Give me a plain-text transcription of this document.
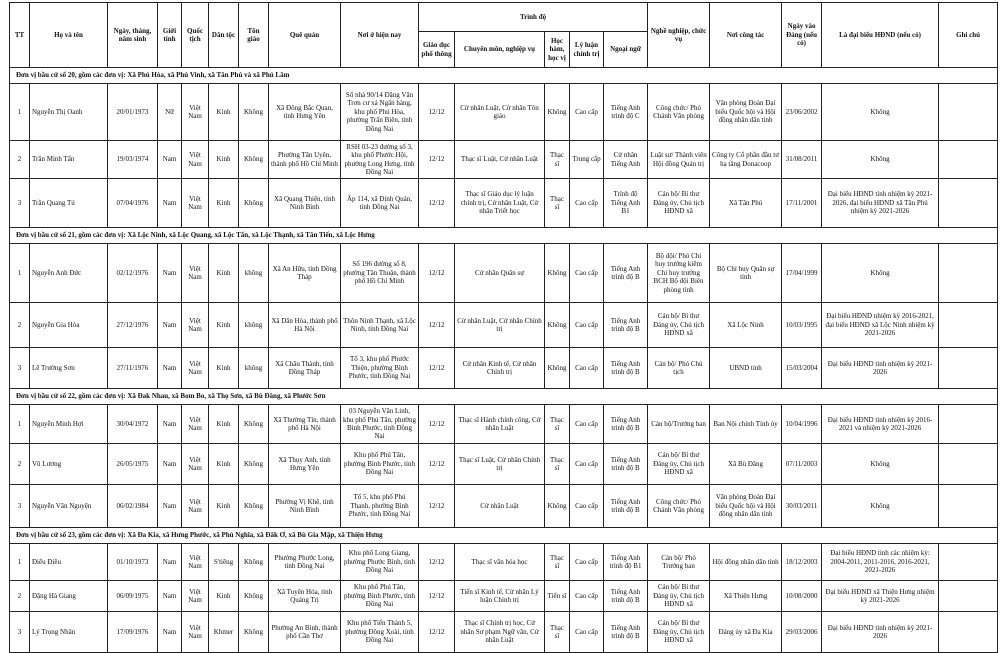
TT	Họ và tên	Ngày, tháng, năm sinh	Giới tính	Quốc tịch	Dân tộc	Tôn giáo	Quê quán	Nơi ở hiện nay	Trình độ					Nghề nghiệp, chức vụ	Nơi công tác	Ngày vào Đảng (nếu có)	Là đại biểu HĐND (nếu có)	Ghi chú
									Giáo dục phổ thông	Chuyên môn, nghiệp vụ	Học hàm, học vị	Lý luận chính trị	Ngoại ngữ					
Đơn vị bầu cử số 20, gồm các đơn vị: Xã Phú Hòa, xã Phú Vinh, xã Tân Phú và xã Phú Lâm																		
1	Nguyễn Thị Oanh	20/01/1973	Nữ	Việt Nam	Kinh	Không	Xã Đông Bắc Quan, tỉnh Hưng Yên	Số nhà 90/14 Đặng Văn Trơn cư xá Ngân hàng, khu phố Phú Hòa, phường Trấn Biên, tỉnh Đồng Nai	12/12	Cử nhân Luật, Cử nhân Tôn giáo	Không	Cao cấp	Tiếng Anh trình độ C	Công chức/ Phó Chánh Văn phòng	Văn phòng Đoàn Đại biểu Quốc hội và Hội đồng nhân dân tỉnh	23/06/2002	Không	
2	Trần Minh Tấn	19/03/1974	Nam	Việt Nam	Kinh	Không	Phường Tân Uyên, thành phố Hồ Chí Minh	RSH 03-23 đường số 3, khu phố Phước Hội, phường Long Hưng, tỉnh Đồng Nai	12/12	Thạc sĩ Luật, Cử nhân Luật	Thạc sĩ	Trung cấp	Cử nhân Tiếng Anh	Luật sư/ Thành viên Hội đồng Quản trị	Công ty Cổ phần đầu tư hạ tầng Donacoop	31/08/2011	Không	
3	Trần Quang Tú	07/04/1976	Nam	Việt Nam	Kinh	Không	Xã Quang Thiện, tỉnh Ninh Bình	Ấp 114, xã Định Quán, tỉnh Đồng Nai	12/12	Thạc sĩ Giáo dục lý luận chính trị, Cử nhân Luật, Cử nhân Triết học	Thạc sĩ	Cao cấp	Trình độ Tiếng Anh B1	Cán bộ/ Bí thư Đảng ủy, Chủ tịch HĐND xã	Xã Tân Phú	17/11/2001	Đại biểu HĐND tỉnh nhiệm kỳ 2021-2026, đại biểu HĐND xã Tân Phú nhiệm kỳ 2021-2026	
Đơn vị bầu cử số 21, gồm các đơn vị: Xã Lộc Ninh, xã Lộc Quang, xã Lộc Tấn, xã Lộc Thạnh, xã Tân Tiến, xã Lộc Hưng																		
1	Nguyễn Anh Đức	02/12/1976	Nam	Việt Nam	Kinh	không	Xã An Hữu, tỉnh Đồng Tháp	Số 196 đường số 8, phường Tân Thuận, thành phố Hồ Chí Minh	12/12	Cử nhân Quân sự	Không	Cao cấp	Tiếng Anh trình độ B	Bộ đội/ Phó Chỉ huy trưởng kiêm Chỉ huy trưởng BCH Bộ đội Biên phòng tỉnh	Bộ Chỉ huy Quân sự tỉnh	17/04/1999	Không	
2	Nguyễn Gia Hòa	27/12/1976	Nam	Việt Nam	Kinh	không	Xã Dân Hòa, thành phố Hà Nội	Thôn Ninh Thạnh, xã Lộc Ninh, tỉnh Đồng Nai	12/12	Cử nhân Luật, Cử nhân Chính trị	Không	Cao cấp	Tiếng Anh trình độ B	Cán bộ/ Bí thư Đảng ủy, Chủ tịch HĐND xã	Xã Lộc Ninh	10/03/1995	Đại biểu HĐND nhiệm kỳ 2016-2021, đại biểu HĐND xã Lộc Ninh nhiệm kỳ 2021-2026	
3	Lê Trường Sơn	27/11/1976	Nam	Việt Nam	Kinh	không	Xã Châu Thành, tỉnh Đồng Tháp	Tổ 3, khu phố Phước Thiện, phường Bình Phước, tỉnh Đồng Nai	12/12	Cử nhân Kinh tế, Cử nhân Chính trị	Không	Cao cấp	Tiếng Anh trình độ B	Cán bộ/ Phó Chủ tịch	UBND tỉnh	15/03/2004	Đại biểu HĐND tỉnh nhiệm kỳ 2021-2026	
Đơn vị bầu cử số 22, gồm các đơn vị: Xã Đak Nhau, xã Bom Bo, xã Thọ Sơn, xã Bù Đăng, xã Phước Sơn																		
1	Nguyễn Minh Hợi	30/04/1972	Nam	Việt Nam	Kinh	Không	Xã Thường Tín, thành phố Hà Nội	03 Nguyễn Văn Linh, khu phố Phú Tân, phường Bình Phước, tỉnh Đồng Nai	12/12	Thạc sĩ Hành chính công, Cử nhân Luật	Thạc sĩ	Cao cấp	Tiếng Anh trình độ B	Cán bộ/Trưởng ban	Ban Nội chính Tỉnh ủy	10/04/1996	Đại biểu HĐND tỉnh nhiệm kỳ 2016-2021 và nhiệm kỳ 2021-2026	
2	Vũ Lương	26/05/1975	Nam	Việt Nam	Kinh	Không	Xã Thụy Anh, tỉnh Hưng Yên	Khu phố Phú Tân, phường Bình Phước, tỉnh Đồng Nai	12/12	Thạc sĩ Luật, Cử nhân Chính trị	Thạc sĩ	Cao cấp	Tiếng Anh trình độ B	Cán bộ/ Bí thư Đảng ủy, Chủ tịch HĐND xã	Xã Bù Đăng	07/11/2003	Không	
3	Nguyễn Văn Nguyện	06/02/1984	Nam	Việt Nam	Kinh	Không	Phường Vị Khê, tỉnh Ninh Bình	Tổ 5, khu phố Phú Thanh, phường Bình Phước, tỉnh Đồng Nai	12/12	Cử nhân Luật	Không	Cao cấp	Tiếng Anh trình độ B	Công chức/ Phó Chánh Văn phòng	Văn phòng Đoàn Đại biểu Quốc hội và Hội đồng nhân dân tỉnh	30/03/2011	Không	
Đơn vị bầu cử số 23, gồm các đơn vị: Xã Đa Kia, xã Hưng Phước, xã Phú Nghĩa, xã Đăk Ơ, xã Bù Gia Mập, xã Thiện Hưng																		
1	Điểu Điều	01/10/1973	Nam	Việt Nam	S'tiêng	Không	Phường Phước Long, tỉnh Đồng Nai	Khu phố Long Giang, phường Phước Bình, tỉnh Đồng Nai	12/12	Thạc sĩ văn hóa học	Thạc sĩ	Cao cấp	Tiếng Anh trình độ B1	Cán bộ/ Phó Trưởng ban	Hội đồng nhân dân tỉnh	18/12/2003	Đại biểu HĐND tỉnh các nhiệm kỳ: 2004-2011, 2011-2016, 2016-2021, 2021-2026	
2	Đặng Hà Giang	06/09/1975	Nam	Việt Nam	Kinh	Không	Xã Tuyên Hóa, tỉnh Quảng Trị	Khu phố Phú Tân, phường Bình Phước, tỉnh Đồng Nai	12/12	Tiến sĩ Kinh tế, Cử nhân Lý luận Chính trị	Tiến sĩ	Cao cấp	Tiếng Anh trình độ B	Cán bộ/ Bí thư Đảng ủy, Chủ tịch HĐND xã	Xã Thiện Hưng	10/08/2000	Đại biểu HĐND xã Thiện Hưng nhiệm kỳ 2021-2026	
3	Lý Trọng Nhân	17/09/1976	Nam	Việt Nam	Khmer	Không	Phường An Bình, thành phố Cần Thơ	Khu phố Tiến Thành 5, phường Đồng Xoài, tỉnh Đồng Nai	12/12	Thạc sĩ Chính trị học, Cử nhân Sư phạm Ngữ văn, Cử nhân Luật	Thạc sĩ	Cao cấp	Tiếng Anh trình độ B	Cán bộ/ Bí thư Đảng ủy, Chủ tịch HĐND xã	Đảng ủy xã Đa Kia	29/03/2006	Đại biểu HĐND tỉnh nhiệm kỳ 2021-2026	
